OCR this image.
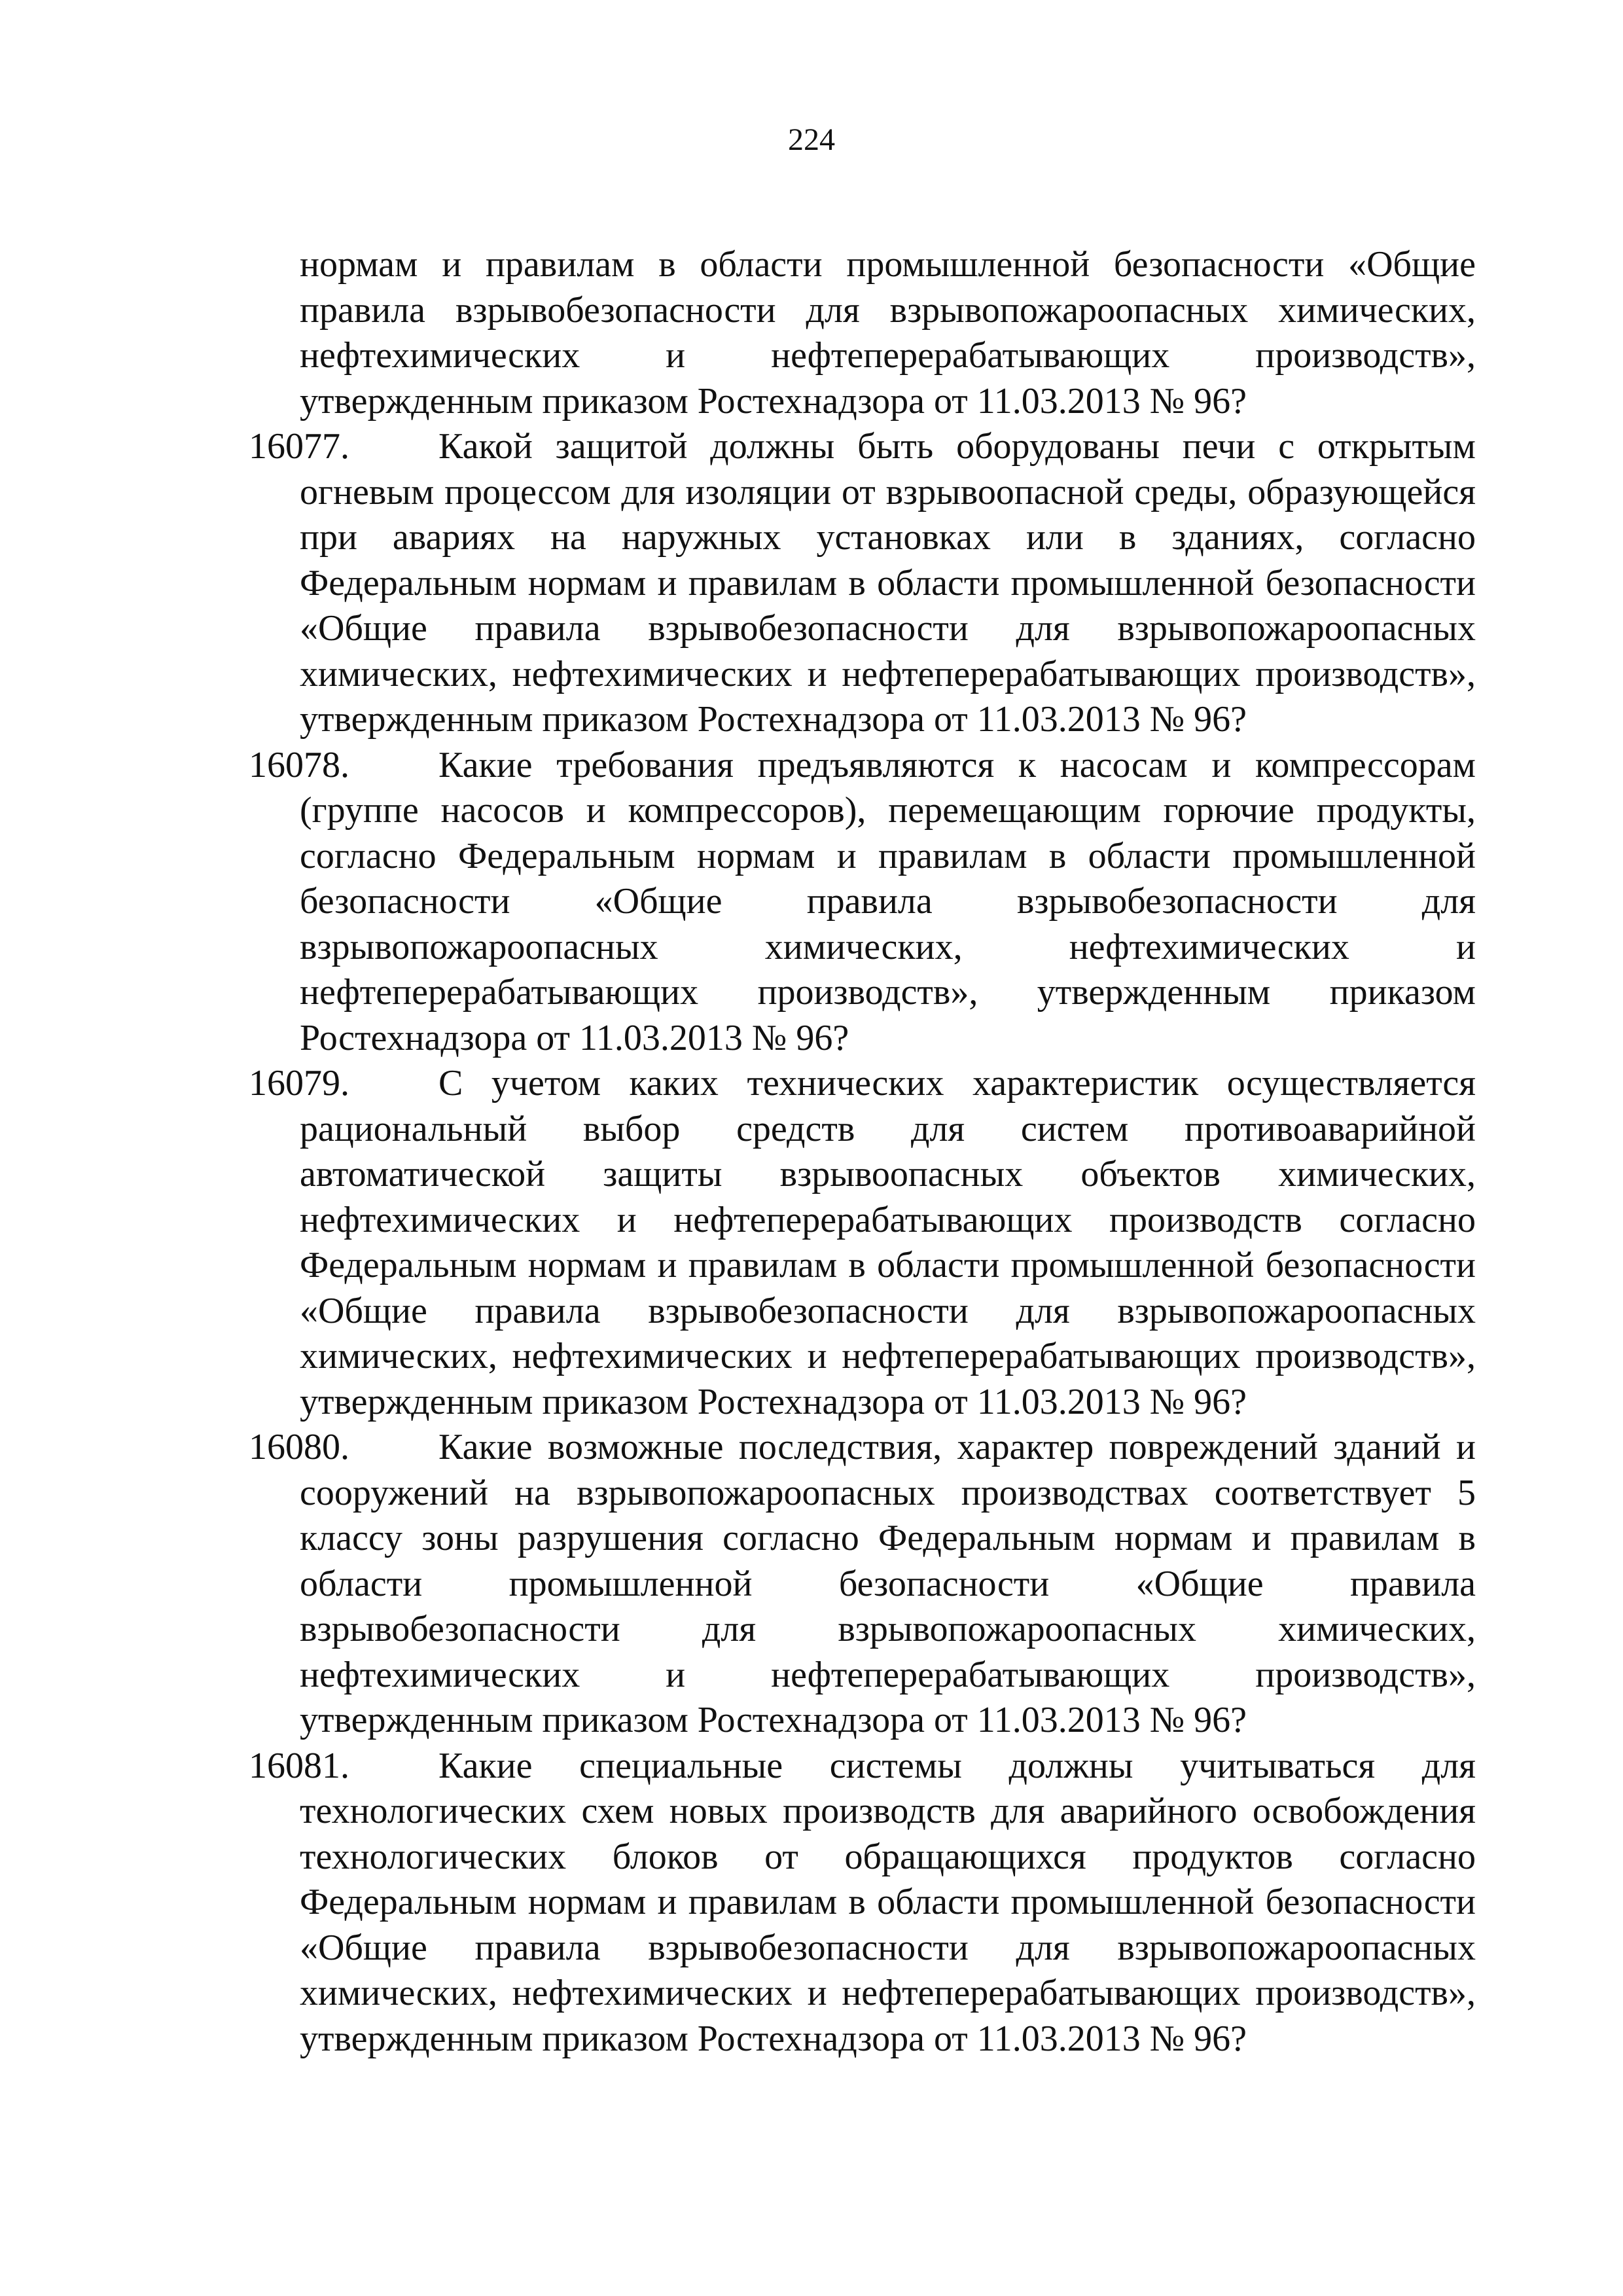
224

нормам и правилам в области промышленной безопасности «Общие правила взрывобезопасности для взрывопожароопасных химических, нефтехимических и нефтеперерабатывающих производств», утвержденным приказом Ростехнадзора от 11.03.2013 № 96?

16077. Какой защитой должны быть оборудованы печи с открытым огневым процессом для изоляции от взрывоопасной среды, образующейся при авариях на наружных установках или в зданиях, согласно Федеральным нормам и правилам в области промышленной безопасности «Общие правила взрывобезопасности для взрывопожароопасных химических, нефтехимических и нефтеперерабатывающих производств», утвержденным приказом Ростехнадзора от 11.03.2013 № 96?

16078. Какие требования предъявляются к насосам и компрессорам (группе насосов и компрессоров), перемещающим горючие продукты, согласно Федеральным нормам и правилам в области промышленной безопасности «Общие правила взрывобезопасности для взрывопожароопасных химических, нефтехимических и нефтеперерабатывающих производств», утвержденным приказом Ростехнадзора от 11.03.2013 № 96?

16079. С учетом каких технических характеристик осуществляется рациональный выбор средств для систем противоаварийной автоматической защиты взрывоопасных объектов химических, нефтехимических и нефтеперерабатывающих производств согласно Федеральным нормам и правилам в области промышленной безопасности «Общие правила взрывобезопасности для взрывопожароопасных химических, нефтехимических и нефтеперерабатывающих производств», утвержденным приказом Ростехнадзора от 11.03.2013 № 96?

16080. Какие возможные последствия, характер повреждений зданий и сооружений на взрывопожароопасных производствах соответствует 5 классу зоны разрушения согласно Федеральным нормам и правилам в области промышленной безопасности «Общие правила взрывобезопасности для взрывопожароопасных химических, нефтехимических и нефтеперерабатывающих производств», утвержденным приказом Ростехнадзора от 11.03.2013 № 96?

16081. Какие специальные системы должны учитываться для технологических схем новых производств для аварийного освобождения технологических блоков от обращающихся продуктов согласно Федеральным нормам и правилам в области промышленной безопасности «Общие правила взрывобезопасности для взрывопожароопасных химических, нефтехимических и нефтеперерабатывающих производств», утвержденным приказом Ростехнадзора от 11.03.2013 № 96?
